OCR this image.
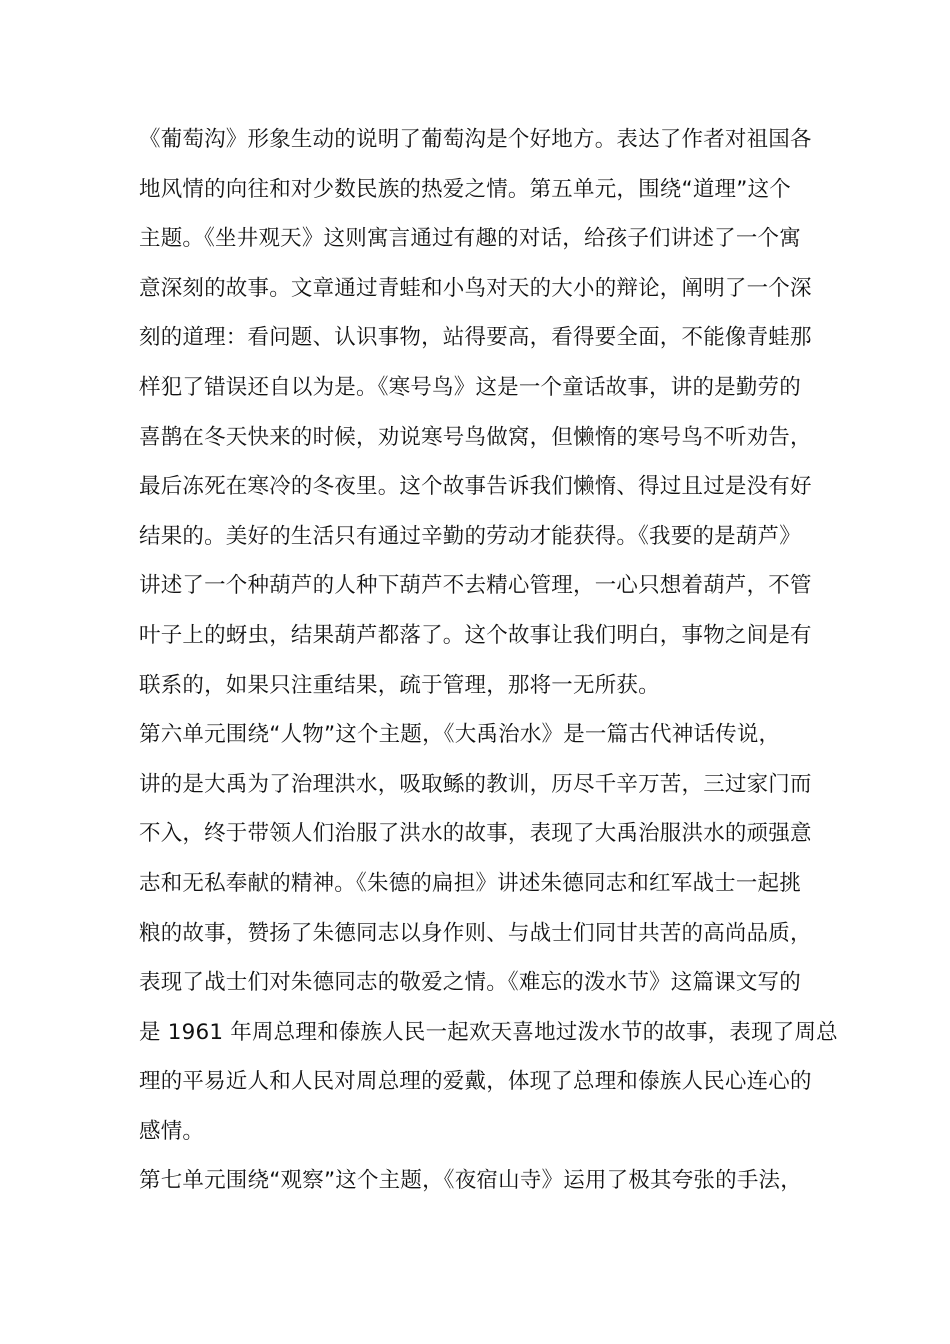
《葡萄沟》形象生动的说明了葡萄沟是个好地方。表达了作者对祖国各
地风情的向往和对少数民族的热爱之情。第五单元，围绕“道理”这个
主题。《坐井观天》这则寓言通过有趣的对话，给孩子们讲述了一个寓
意深刻的故事。文章通过青蛙和小鸟对天的大小的辩论，阐明了一个深
刻的道理：看问题、认识事物，站得要高，看得要全面，不能像青蛙那
样犯了错误还自以为是。《寒号鸟》这是一个童话故事，讲的是勤劳的
喜鹊在冬天快来的时候，劝说寒号鸟做窝，但懒惰的寒号鸟不听劝告，
最后冻死在寒冷的冬夜里。这个故事告诉我们懒惰、得过且过是没有好
结果的。美好的生活只有通过辛勤的劳动才能获得。《我要的是葫芦》
讲述了一个种葫芦的人种下葫芦不去精心管理，一心只想着葫芦，不管
叶子上的蚜虫，结果葫芦都落了。这个故事让我们明白，事物之间是有
联系的，如果只注重结果，疏于管理，那将一无所获。
第六单元围绕“人物”这个主题，《大禹治水》是一篇古代神话传说，
讲的是大禹为了治理洪水，吸取鲧的教训，历尽千辛万苦，三过家门而
不入，终于带领人们治服了洪水的故事，表现了大禹治服洪水的顽强意
志和无私奉献的精神。《朱德的扁担》讲述朱德同志和红军战士一起挑
粮的故事，赞扬了朱德同志以身作则、与战士们同甘共苦的高尚品质，
表现了战士们对朱德同志的敬爱之情。《难忘的泼水节》这篇课文写的
是 1961 年周总理和傣族人民一起欢天喜地过泼水节的故事，表现了周总
理的平易近人和人民对周总理的爱戴，体现了总理和傣族人民心连心的
感情。
第七单元围绕“观察”这个主题，《夜宿山寺》运用了极其夸张的手法，
